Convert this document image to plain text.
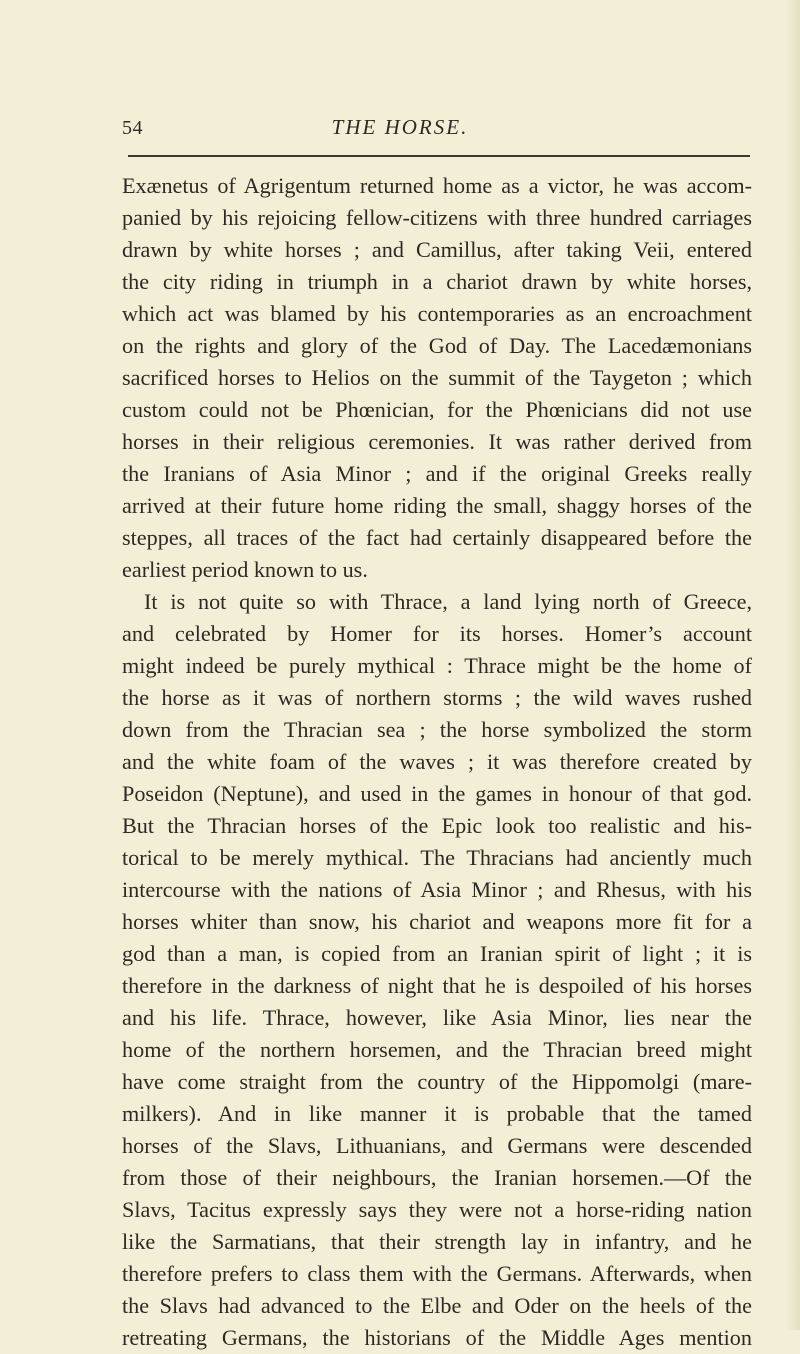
54	THE HORSE.
Exænetus of Agrigentum returned home as a victor, he was accom-
panied by his rejoicing fellow-citizens with three hundred carriages
drawn by white horses ; and Camillus, after taking Veii, entered
the city riding in triumph in a chariot drawn by white horses,
which act was blamed by his contemporaries as an encroachment
on the rights and glory of the God of Day. The Lacedæmonians
sacrificed horses to Helios on the summit of the Taygeton ; which
custom could not be Phœnician, for the Phœnicians did not use
horses in their religious ceremonies. It was rather derived from
the Iranians of Asia Minor ; and if the original Greeks really
arrived at their future home riding the small, shaggy horses of the
steppes, all traces of the fact had certainly disappeared before the
earliest period known to us.
It is not quite so with Thrace, a land lying north of Greece,
and celebrated by Homer for its horses. Homer’s account
might indeed be purely mythical : Thrace might be the home of
the horse as it was of northern storms ; the wild waves rushed
down from the Thracian sea ; the horse symbolized the storm
and the white foam of the waves ; it was therefore created by
Poseidon (Neptune), and used in the games in honour of that god.
But the Thracian horses of the Epic look too realistic and his-
torical to be merely mythical. The Thracians had anciently much
intercourse with the nations of Asia Minor ; and Rhesus, with his
horses whiter than snow, his chariot and weapons more fit for a
god than a man, is copied from an Iranian spirit of light ; it is
therefore in the darkness of night that he is despoiled of his horses
and his life. Thrace, however, like Asia Minor, lies near the
home of the northern horsemen, and the Thracian breed might
have come straight from the country of the Hippomolgi (mare-
milkers). And in like manner it is probable that the tamed
horses of the Slavs, Lithuanians, and Germans were descended
from those of their neighbours, the Iranian horsemen.—Of the
Slavs, Tacitus expressly says they were not a horse-riding nation
like the Sarmatians, that their strength lay in infantry, and he
therefore prefers to class them with the Germans. Afterwards, when
the Slavs had advanced to the Elbe and Oder on the heels of the
retreating Germans, the historians of the Middle Ages mention
